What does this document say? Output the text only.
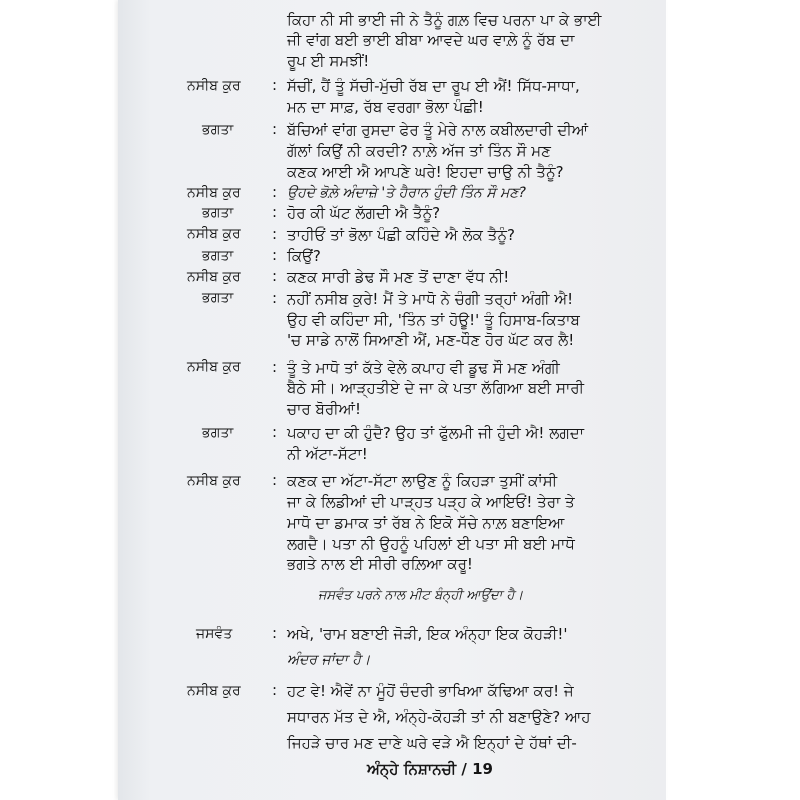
ਕਿਹਾ ਨੀ ਸੀ ਭਾਈ ਜੀ ਨੇ ਤੈਨੂੰ ਗਲ਼ ਵਿਚ ਪਰਨਾ ਪਾ ਕੇ ਭਾਈ
ਜੀ ਵਾਂਗ ਬਈ ਭਾਈ ਬੀਬਾ ਆਵਦੇ ਘਰ ਵਾਲ਼ੇ ਨੂੰ ਰੱਬ ਦਾ
ਰੂਪ ਈ ਸਮਝੀਂ!
ਨਸੀਬ ਕੁਰ : ਸੱਚੀਂ, ਹੈਂ ਤੂੰ ਸੱਚੀ-ਮੁੱਚੀ ਰੱਬ ਦਾ ਰੂਪ ਈ ਐਂ! ਸਿੱਧ-ਸਾਧਾ,
ਮਨ ਦਾ ਸਾਫ਼, ਰੱਬ ਵਰਗਾ ਭੋਲਾ ਪੰਛੀ!
ਭਗਤਾ	: ਬੱਚਿਆਂ ਵਾਂਗ ਰੁਸਦਾ ਫੇਰ ਤੂੰ ਮੇਰੇ ਨਾਲ ਕਬੀਲਦਾਰੀ ਦੀਆਂ
ਗੱਲਾਂ ਕਿਉਂ ਨੀ ਕਰਦੀ? ਨਾਲ਼ੇ ਅੱਜ ਤਾਂ ਤਿੰਨ ਸੌ ਮਣ
ਕਣਕ ਆਈ ਐ ਆਪਣੇ ਘਰੇ! ਇਹਦਾ ਚਾਉ ਨੀ ਤੈਨੂੰ?
ਨਸੀਬ ਕੁਰ : ਉਹਦੇ ਭੋਲ਼ੇ ਅੰਦਾਜ਼ੇ 'ਤੇ ਹੈਰਾਨ ਹੁੰਦੀ ਤਿੰਨ ਸੌ ਮਣ?
ਭਗਤਾ	: ਹੋਰ ਕੀ ਘੱਟ ਲੱਗਦੀ ਐ ਤੈਨੂੰ?
ਨਸੀਬ ਕੁਰ : ਤਾਹੀਓਂ ਤਾਂ ਭੋਲਾ ਪੰਛੀ ਕਹਿੰਦੇ ਐ ਲੋਕ ਤੈਨੂੰ?
ਭਗਤਾ	: ਕਿਉਂ?
ਨਸੀਬ ਕੁਰ : ਕਣਕ ਸਾਰੀ ਡੇਢ ਸੌ ਮਣ ਤੋਂ ਦਾਣਾ ਵੱਧ ਨੀ!
ਭਗਤਾ	: ਨਹੀਂ ਨਸੀਬ ਕੁਰੇ! ਮੈਂ ਤੇ ਮਾਧੋ ਨੇ ਚੰਗੀ ਤਰ੍ਹਾਂ ਅੰਗੀ ਐ!
ਉਹ ਵੀ ਕਹਿੰਦਾ ਸੀ, 'ਤਿੰਨ ਤਾਂ ਹੋਊ!' ਤੂੰ ਹਿਸਾਬ-ਕਿਤਾਬ
'ਚ ਸਾਡੇ ਨਾਲੋਂ ਸਿਆਣੀ ਐਂ, ਮਣ-ਧੌਣ ਹੋਰ ਘੱਟ ਕਰ ਲੈ!
ਨਸੀਬ ਕੁਰ : ਤੂੰ ਤੇ ਮਾਧੋ ਤਾਂ ਕੱਤੇ ਵੇਲੇ ਕਪਾਹ ਵੀ ਡੂਢ ਸੌ ਮਣ ਅੰਗੀ
ਬੈਠੇ ਸੀ। ਆੜ੍ਹਤੀਏ ਦੇ ਜਾ ਕੇ ਪਤਾ ਲੱਗਿਆ ਬਈ ਸਾਰੀ
ਚਾਰ ਬੋਰੀਆਂ!
ਭਗਤਾ	: ਪਕਾਹ ਦਾ ਕੀ ਹੁੰਦੈ? ਉਹ ਤਾਂ ਫੁੱਲਮੀ ਜੀ ਹੁੰਦੀ ਐ! ਲਗਦਾ
ਨੀ ਅੱਟਾ-ਸੱਟਾ!
ਨਸੀਬ ਕੁਰ : ਕਣਕ ਦਾ ਅੱਟਾ-ਸੱਟਾ ਲਾਉਣ ਨੂੰ ਕਿਹੜਾ ਤੁਸੀਂ ਕਾਂਸੀ
ਜਾ ਕੇ ਲਿਡੀਆਂ ਦੀ ਪਾੜ੍ਹਤ ਪੜ੍ਹ ਕੇ ਆਇਓਂ! ਤੇਰਾ ਤੇ
ਮਾਧੋ ਦਾ ਡਮਾਕ ਤਾਂ ਰੱਬ ਨੇ ਇਕੋ ਸੱਚੇ ਨਾਲ਼ ਬਣਾਇਆ
ਲਗਦੈ। ਪਤਾ ਨੀ ਉਹਨੂੰ ਪਹਿਲਾਂ ਈ ਪਤਾ ਸੀ ਬਈ ਮਾਧੋ
ਭਗਤੇ ਨਾਲ ਈ ਸੀਰੀ ਰਲ਼ਿਆ ਕਰੂ!
ਜਸਵੰਤ ਪਰਨੇ ਨਾਲ ਮੀਟ ਬੰਨ੍ਹੀ ਆਉਂਦਾ ਹੈ।
ਜਸਵੰਤ	: ਅਖੇ, 'ਰਾਮ ਬਣਾਈ ਜੋੜੀ, ਇਕ ਅੰਨ੍ਹਾ ਇਕ ਕੋਹੜੀ!'
ਅੰਦਰ ਜਾਂਦਾ ਹੈ।
ਨਸੀਬ ਕੁਰ : ਹਟ ਵੇ! ਐਵੇਂ ਨਾ ਮੂੰਹੋਂ ਚੰਦਰੀ ਭਾਖਿਆ ਕੱਢਿਆ ਕਰ! ਜੇ
ਸਧਾਰਨ ਮੱਤ ਦੇ ਐ, ਅੰਨ੍ਹੇ-ਕੋਹੜੀ ਤਾਂ ਨੀ ਬਣਾਉਣੇ? ਆਹ
ਜਿਹੜੇ ਚਾਰ ਮਣ ਦਾਣੇ ਘਰੇ ਵੜੇ ਐ ਇਨ੍ਹਾਂ ਦੇ ਹੱਥਾਂ ਦੀ-
ਅੰਨ੍ਹੇ ਨਿਸ਼ਾਨਚੀ / 19
